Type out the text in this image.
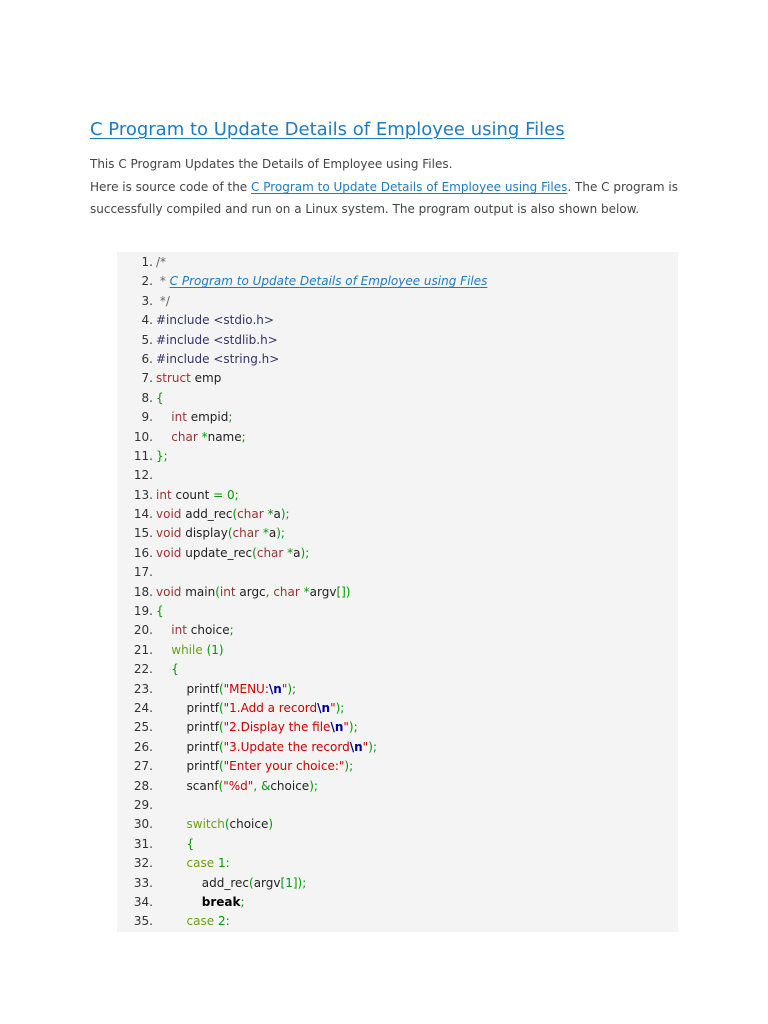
C Program to Update Details of Employee using Files

This C Program Updates the Details of Employee using Files.

Here is source code of the C Program to Update Details of Employee using Files. The C program is successfully compiled and run on a Linux system. The program output is also shown below.

1. /*
2. * C Program to Update Details of Employee using Files
3. */
4. #include <stdio.h>
5. #include <stdlib.h>
6. #include <string.h>
7. struct emp
8. {
9.	int empid;
10.	char *name;
11. };
12.
13. int count = 0;
14. void add_rec(char *a);
15. void display(char *a);
16. void update_rec(char *a);
17.
18. void main(int argc, char *argv[])
19. {
20.	int choice;
21.	while (1)
22.	{
23. printf("MENU:\n");
24. printf("1.Add a record\n");
25. printf("2.Display the file\n");
26. printf("3.Update the record\n");
27. printf("Enter your choice:");
28. scanf("%d", &choice);
29.
30.	switch(choice)
31.	{
32.	case 1:
33. add_rec(argv[1]);
34.	break;
35.	case 2:
